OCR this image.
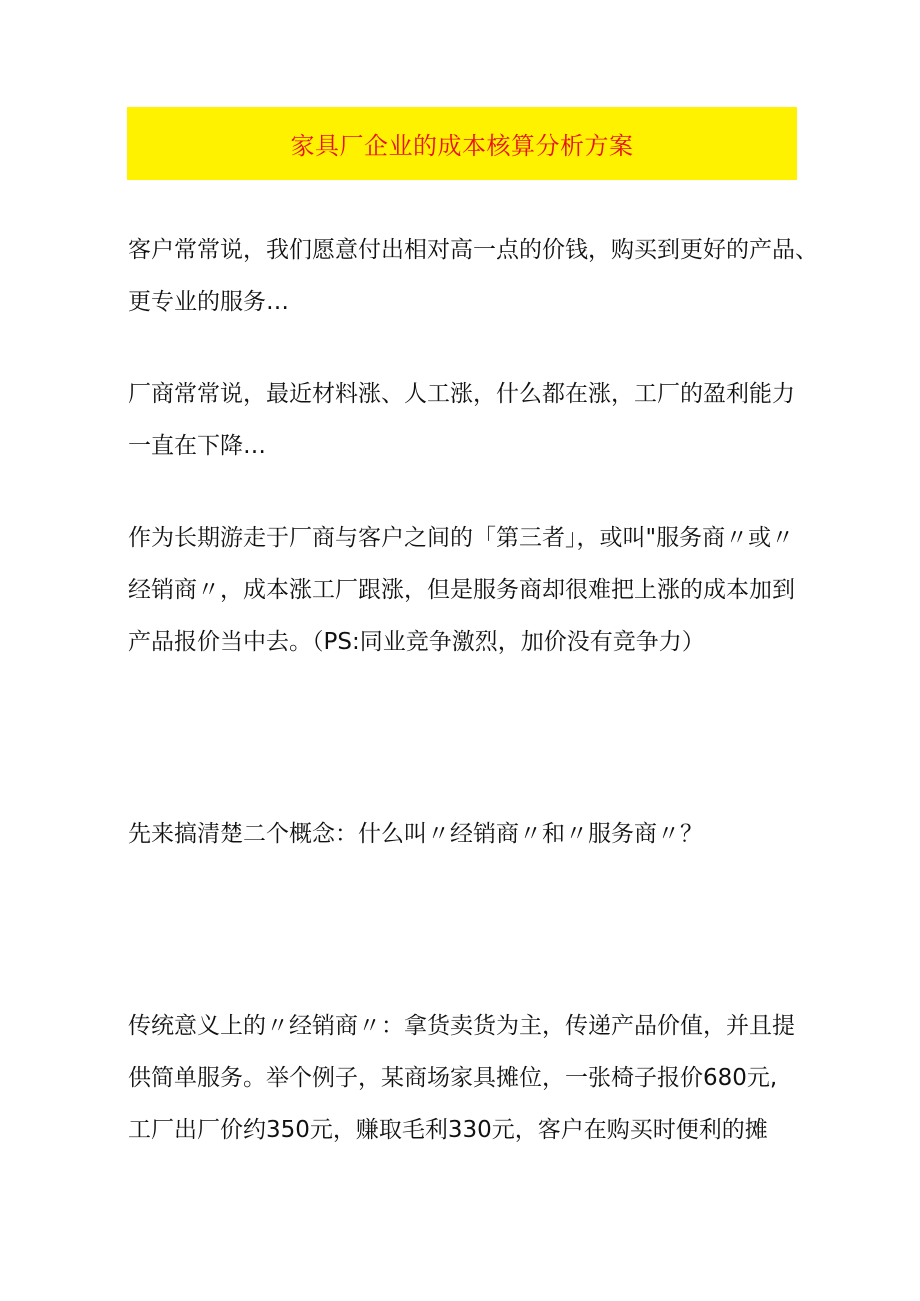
家具厂企业的成本核算分析方案

客户常常说，我们愿意付出相对高一点的价钱，购买到更好的产品、
更专业的服务…

厂商常常说，最近材料涨、人工涨，什么都在涨，工厂的盈利能力
一直在下降…

作为长期游走于厂商与客户之间的「第三者」，或叫"服务商〃或〃
经销商〃，成本涨工厂跟涨，但是服务商却很难把上涨的成本加到
产品报价当中去。（PS:同业竞争激烈，加价没有竞争力）

先来搞清楚二个概念：什么叫〃经销商〃和〃服务商〃？

传统意义上的〃经销商〃：拿货卖货为主，传递产品价值，并且提
供简单服务。举个例子，某商场家具摊位，一张椅子报价680元,
工厂出厂价约350元，赚取毛利330元，客户在购买时便利的摊
